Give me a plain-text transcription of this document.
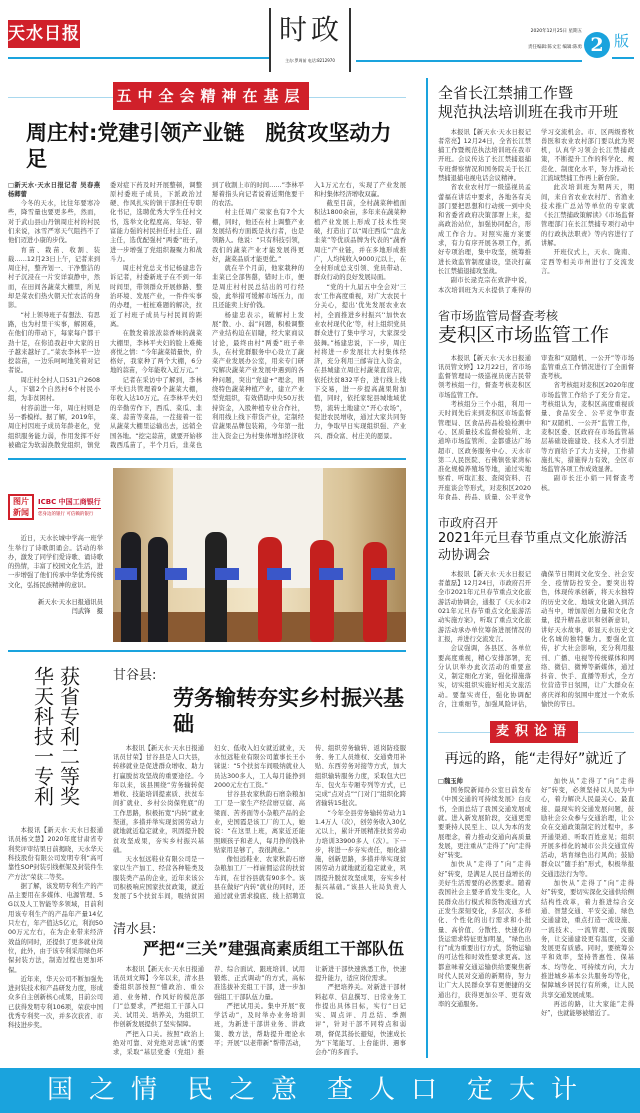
天水日报	时政
主办:罗周前 电话:8212970
2020年12月25日 星期五
责任编辑:陈文宏 编辑:陈勇 2 版
五中全会精神在基层
周庄村:党建引领产业链　脱贫攻坚动力足

□新天水·天水日报记者 吴春燕 杨卿蕾

今冬的天水，比往年要寒冷些，降雪量也要更多些，然而，对于武山县山丹镇周庄村的村民们来说，冰雪严寒天气阻挡不了他们迈进小康的步伐。

育苗、栽苗、收割、装载……12月23日上午，记者来到周庄村，整齐划一、干净整洁的村子沉浸在一片安详寂静中，然而，在田间各蔬菜大棚里，所见却是菜农们热火朝天忙农活的身影。

“村上领导班子有想法、有思路，也为村里干实事，解困难，在他们的带动下，每家每户都干劲十足，在你追我赶中大家的日子越来越好了。”菜农李林平一边挖蒜苗，一边乐呵呵地笑着对记者说。

周庄村全村人口531户2608人，下辖2个自然村6个村民小组，为非贫困村。

村容前进一年，周庄村则是另一番模样。据了解，2019年，周庄村因班子成员年龄老化，党组织服务能力弱，作用发挥不好被确定为软弱涣散党组织，镇党委对症下药及时开展整顿，调整原村委班子成员，下派政治过硬、作风扎实的镇干部担任专职化书记，选聘优秀大学生任村文书，选举文化程度高、年轻、带富能力强的村民担任村主任、副主任，选优配强村“两委”班子，进一步增强了党组织凝聚力和战斗力。

周庄村党总支书记杨建忠告诉记者，村委新班子在不到一年时间里，带领群众开展修路、整治环境、发展产业，一件件实事的办理，一桩桩难题的解决，拉近了村班子成员与村民间的距离。

在散发着浓浓蒜香味的蔬菜大棚里，李林平夫妇的脸上难掩喜悦之情：“今年蔬菜销量快，价格好，我家种了两个大棚，6分地的蒜苗，今年能收入近万元。”

记者在采访中了解到，李林平夫妇共管理着9个蔬菜大棚，年收入达10万元。在李林平夫妇的辛勤劳作下，西瓜、菜瓜、韭菜、蒜苗等菜品，一茬接着一茬从蔬菜大棚里运输出去，远销全国各地。“挖完蒜苗，就要开始移栽西瓜苗了，半个月后，韭菜也到了收割上市的时间……”李林平掰着指头向记者说着近期他要干的农活。

村主任周广荣家也有7个大棚，同时，他还在村上调整产业发展结构方面既是执行者，也是领路人。他说：“只有科技引领，我们的蔬菜产业才能发展得更好，蔬菜品质才能更优。”

就在半个月前，他家栽种的韭菜已全部售罄，错时上市，便是周庄村村民总结出的可行经验，此举措可缓解市场压力，而且还能卖上好价钱。

杨建忠表示，破解村上发展“散、小、弱”问题，积极调整产业结构迫在眉睫，经大家商议讨论，最终由村“两委”班子牵头，在村党群服务中心设立了蔬菜产业发展办公室，用来专门研究解决蔬菜产业发展中遇到的各种问题，突出“党建+”理念，围绕特色蔬菜种植产业，建立产业型党组织，有效借助中央50万扶持资金，入股种植专业合作社，利用线上线下带货产业，定制经营蔬果品牌包装箱，今年第一批注入资金已为村集体增加经济收入1万元左右，实现了产业发展和村集体经济增收双赢。

截至目前，全村蔬菜种植面积达1800余亩，多年来在蔬菜种植产业发展上形成了技术性突破，打造出了以“周庄西瓜”“盘龙韭菜”等优质品牌为代表的“蔬香周庄”产业链，并在多地形成推广，人均纯收入9000元以上，在全村形成总支引领、党员带动、群众行动的良好发展局面。

“党的十九届五中全会对‘三农’工作高度重视，对广大农民十分关心，提出‘优先发展农业农村，全面推进乡村振兴’‘加快农业农村现代化’等，村上组织党员群众进行了集中学习，大家深受鼓舞。”杨建忠说，下一步，周庄村将进一步发展壮大村集体经济，充分利用三邮寄注入资金，在县城建立周庄村蔬菜直营店，依托扶贫832平台，进行线上线下交易，进一步提高蔬果附加值，同时，依托家驼县城地域优势，流转土地建立“开心农场”，促进农民增收，通过大家共同努力，争取早日实现组织强、产业兴、群众富、村庄美的愿景。

图片新闻
ICBC 中国工商银行
您身边的银行 可信赖的银行

近日，天水长城中学高一班学生举行了诗歌朗诵会。活动的举办，激发了同学们爱诗歌、诵诗歌的热情，丰富了校园文化生活，进一步增强了他们传承中华优秀传统文化，弘扬民族精神的意识。

新天水·天水日报通讯员
闫武锋　摄
获省专利二等奖
华天科技一专利

本报讯【新天水·天水日报通讯员杨文慧】2020年度甘肃省专利奖评审结果日前揭晓，天水华天科技股份有限公司发明专利“高可靠性SOP封装引线框架及封装件生产方法”荣获二等奖。

据了解，该发明专利生产的产品主要用在多媒体、电源管理、5G以及人工智能等多领域，目前利用该专利生产的产品年产量14亿只左右，年产值达5亿元，利润5000万元左右，在为企业带来经济效益的同时，还提供了更多就业岗位，此外，由于该专利采用绿色环保封装方法，制造过程也更加环保。

近年来，华天公司不断加强先进封装技术和产品研发力度，形成众多自主创新核心成果，目前公司已获得发明专利106项，荣获中国优秀专利奖一次，并多次获省、市科技进步奖。

甘谷县:
劳务输转夯实乡村振兴基础

本报讯【新天水·天水日报通讯员甘荣】甘谷县是人口大县，转移就业是促进群众增收、助力打赢脱贫攻坚战的重要途径。今年以来，该县围绕“劳务输转促增收、技能培训提素质、扶贫车间扩就业、乡村公岗保兜底”的工作思路，积极拓宽“内转”就业渠道，多措并举实现贫困劳动力就地就近稳定就业，巩固提升脱贫攻坚成果，夯实乡村振兴基础。

天水恒远鞋业有限公司是一家以生产加工、经营各种鞋类及服装类产品的企业，近年来该公司积极响应国家扶贫政策，就近发展了5个扶贫车间，吸纳贫困妇女、低收入妇女就近就业，天水恒远鞋业有限公司董事长王小铼说：“5个扶贫车间吸纳就业人员达300多人，工人每月能挣到2000元左右工资。”

甘谷县农家秋韵石磨杂粮加工厂是一家生产经营磨豆腐、高梁面、苦荞面等小杂粮产品的企业，史国霞是该工厂的工人，她说：“在这里上班，离家近还能照顾孩子和老人，每月挣的钱补贴家用足够了，我很满意。”

像恒远鞋业、农家秋韵石磨杂粮加工厂一样雇佣运营的扶贫车间，在甘谷县就有90多个。该县在做好“内转”就业的同时，还通过就业需求摸底、线上招聘宣传、组织劳务输转、返岗防疫服务、务工人员维权、交通费用补贴、东西劳务对接等方式，加大组织输转服务力度，采取包大巴车、包火车专厢专列等方式，已完成“点对点”“门对门”组织化跨省输转15批次。

“今年全县劳务输转劳动力11.4万人（次），创劳务收入30亿元以上，累计开展精准扶贫劳动力培训33900多人（次）。下一步，将进一步夯实责任，细化措施，创新思路，多措并举实现贫困劳动力就地就近稳定就业，巩固提升脱贫攻坚成果，夯实乡村振兴基础。”该县人社局负责人说。

清水县:
严把“三关”建强高素质组工干部队伍

本报讯【新天水·天水日报通讯员刘文辉】今年以来，清水县委组织部按照“懂政治、重公道、业务精、作风好的模范部门”总要求，严把组工干部入口关、试用关、培养关，为组织工作创新发展提供了坚实保障。

严把入口关。按照“政治上绝对可靠、对党绝对忠诚”的要求，采取“基层党委（党组）推荐、综合面试、跟班培训、试用锻炼、正式调动”的方式，高标准选拔补充组工干部，进一步加强组工干部队伍力量。

严把试用关。集中开展“夜学活动”，及时举办业务培训班，为新进干部讲业务、讲政策、教方法，帮助提升理论水平；开展“以老带新”帮带活动，让新进干部快速熟悉工作，快速提升能力，适应岗位需求。

严把培养关。对新进干部材料起草、信息撰写、日常业务工作提出具体目标，实行“日记实、周点评、月总结、季测评”，针对干部不同特点和弱项，督促其扬长避短，快速成长为“下笔能写、上台能讲、遇事会办”的多面手。

全省长江禁捕工作暨
规范执法培训班在我市开班

本报讯【新天水·天水日报记者常亮】12月24日，全省长江禁捕工作暨规范执法培训班在我市开班。会议传达了长江禁捕退捕专班督察情况和国务院关于长江禁捕退捕电视电话会议精神。

省农业农村厅一级巡视员孟蕾福在讲话中要求，各地各有关部门要把思想和行动统一到中央和省委省政府决策部署上来，提高政治站位，加强协同配合，形成工作合力。对照实施方案要求，有力有序开展各项工作，抓好专项治理，集中攻坚，统筹推进长效监管制度建设，坚决打赢长江禁捕退捕攻坚战。

副市长逯克宗在致辞中说，本次培训班为天水提供了难得的学习交流机会。市、区两级畜牧兽医和农业农村部门要以此为契机，认真学习领会长江禁捕政策，不断提升工作的科学化、规范化、制度化水平，努力推动长江流域禁捕工作再上新台阶。

此次培训班为期两天，期间，来自省农业农村厅、省渔业技术推广总站等单位的专家就《长江禁捕政策解读》《市场监督管理部门在长江禁捕专项行动中的行政执法职责》等内容进行了讲解。

开班仪式上，天水、陇南、定西等相关市州进行了交流发言。

省市场监管局督查考核
麦积区市场监管工作

本报讯【新天水·天水日报通讯员管文婷】12月22日，省市场监督管理局一级巡视员庞吉民带领考核组一行，督查考核麦积区市场监管工作。

考核组分三个小组，利用一天时间先后来到麦积区市场监督管理局、区食品药品检验检测中心、区质量技术监督检验所、北道埠市场监管所、金都盛达广场超市、区政务服务中心、天水市第二人民医院、石佛镇张家湾标准化规模养殖场等地，通过实地察看、听取汇报、查阅资料、召开座谈会等形式，对麦积区2020年食品、药品、质量、公平竞争审查和“双随机、一公开”等市场监管重点工作情况进行了全面督查考核。

省考核组对麦积区2020年度市场监管工作给予了充分肯定。考核组认为，麦积区高度重视质量、食品安全、公平竞争审查和“双随机、一公开”监管工作，麦积区委、区政府在市场监管基层基础设施建设、技术人才引进等方面给予了大力支持，工作措施扎实，措施得力有效，全区市场监管各项工作成效显著。

副市长汪小娟一同督查考核。

市政府召开
2021年元旦春节重点文化旅游活动协调会

本报讯【新天水·天水日报记者董磊】12月24日，市政府召开全市2021年元旦春节重点文化旅游活动协调会，通报了《天水市2021年元旦春节重点文化旅游活动实施方案》，听取了重点文化旅游活动承办单位筹备进展情况的汇报，并进行交流发言。

会议强调，各县区、各单位要高度重视，精心安排部署，充分认识举办此次活动的重要意义，制定细化方案，强化措施落实，切实组织实施好相关文旅活动。要靠实责任，强化协调配合，注重细节，加强风险评估，确保节日期间文化安全、社会安全、疫情防控安全。要突出特色，体现传承创新，将天水独特的历史文化、地域文化融入到活动当中，增加原创力量和文化含量，提升精品意识和创新意识，讲好天水故事，彰显天水历史文化名城的独特魅力。要强化宣传，扩大社会影响，充分利用报刊、广播、电视等传统媒体和网络、微信、微博等新媒体，通过抖音、快手、直播等形式，全方位营造节日氛围，让广大群众在喜庆祥和的氛围中度过一个欢乐愉快的节日。

麦积论语
再远的路，能“走得好”就近了

□魏玉帅

国务院新闻办公室日前发布《中国交通的可持续发展》白皮书，全面总结了我国交通发展成就。进入新发展阶段，交通更需要秉持人民至上、以人为本的发展理念，着力推动交通向高质量发展，更注重从“走得了”向“走得好”转变。

加快从“走得了”向“走得好”转变，是满足人民日益增长的美好生活需要的必然要求。随着我国社会主要矛盾发生变化，人民群众出行模式和货物流通方式正发生深刻变化，多层次、多样化、个性化的出行需求和小批量、高价值、分散性、快速化的货运需求特征更加明显，“绿色出行”成为重要出行方式，货物运输的可达性和时效性要求更高。这都意味着交通运输供给要聚焦新时代人民对交通的新期待，努力让广大人民群众享有更便捷的交通出行，获得更加公平、更有效率的交通服务。

加快从“走得了”向“走得好”转变，必须坚持以人民为中心，着力解决人民最关心、最直接、最现实的交通发展问题，鼓励社会公众参与交通治理，让公众在交通政策制定的过程中，多开通渠道、听取百姓意见；组织开展多样化的城市公共交通宣传活动，培育绿色出行风尚；鼓励群众以“随手拍”形式，积极举报交通违法行为等。

加快从“走得了”向“走得好”转变，要切实深化交通供给侧结构性改革，着力推进综合交通、智慧交通、平安交通、绿色交通建设，重点打造一流设施、一流技术、一流管理、一流服务，让交通建设更有温度，交通发展更有质感。同时，要统筹公平和效率，坚持普惠性、保基本、均等化、可持续方向，大力推进城乡基本公共服务均等化，保障城乡居民行有所乘，让人民共享交通发展成果。

再远的路，让大家能“走得好”，也就能够被缩近了。

国之情 民之意 查人口 定大计
